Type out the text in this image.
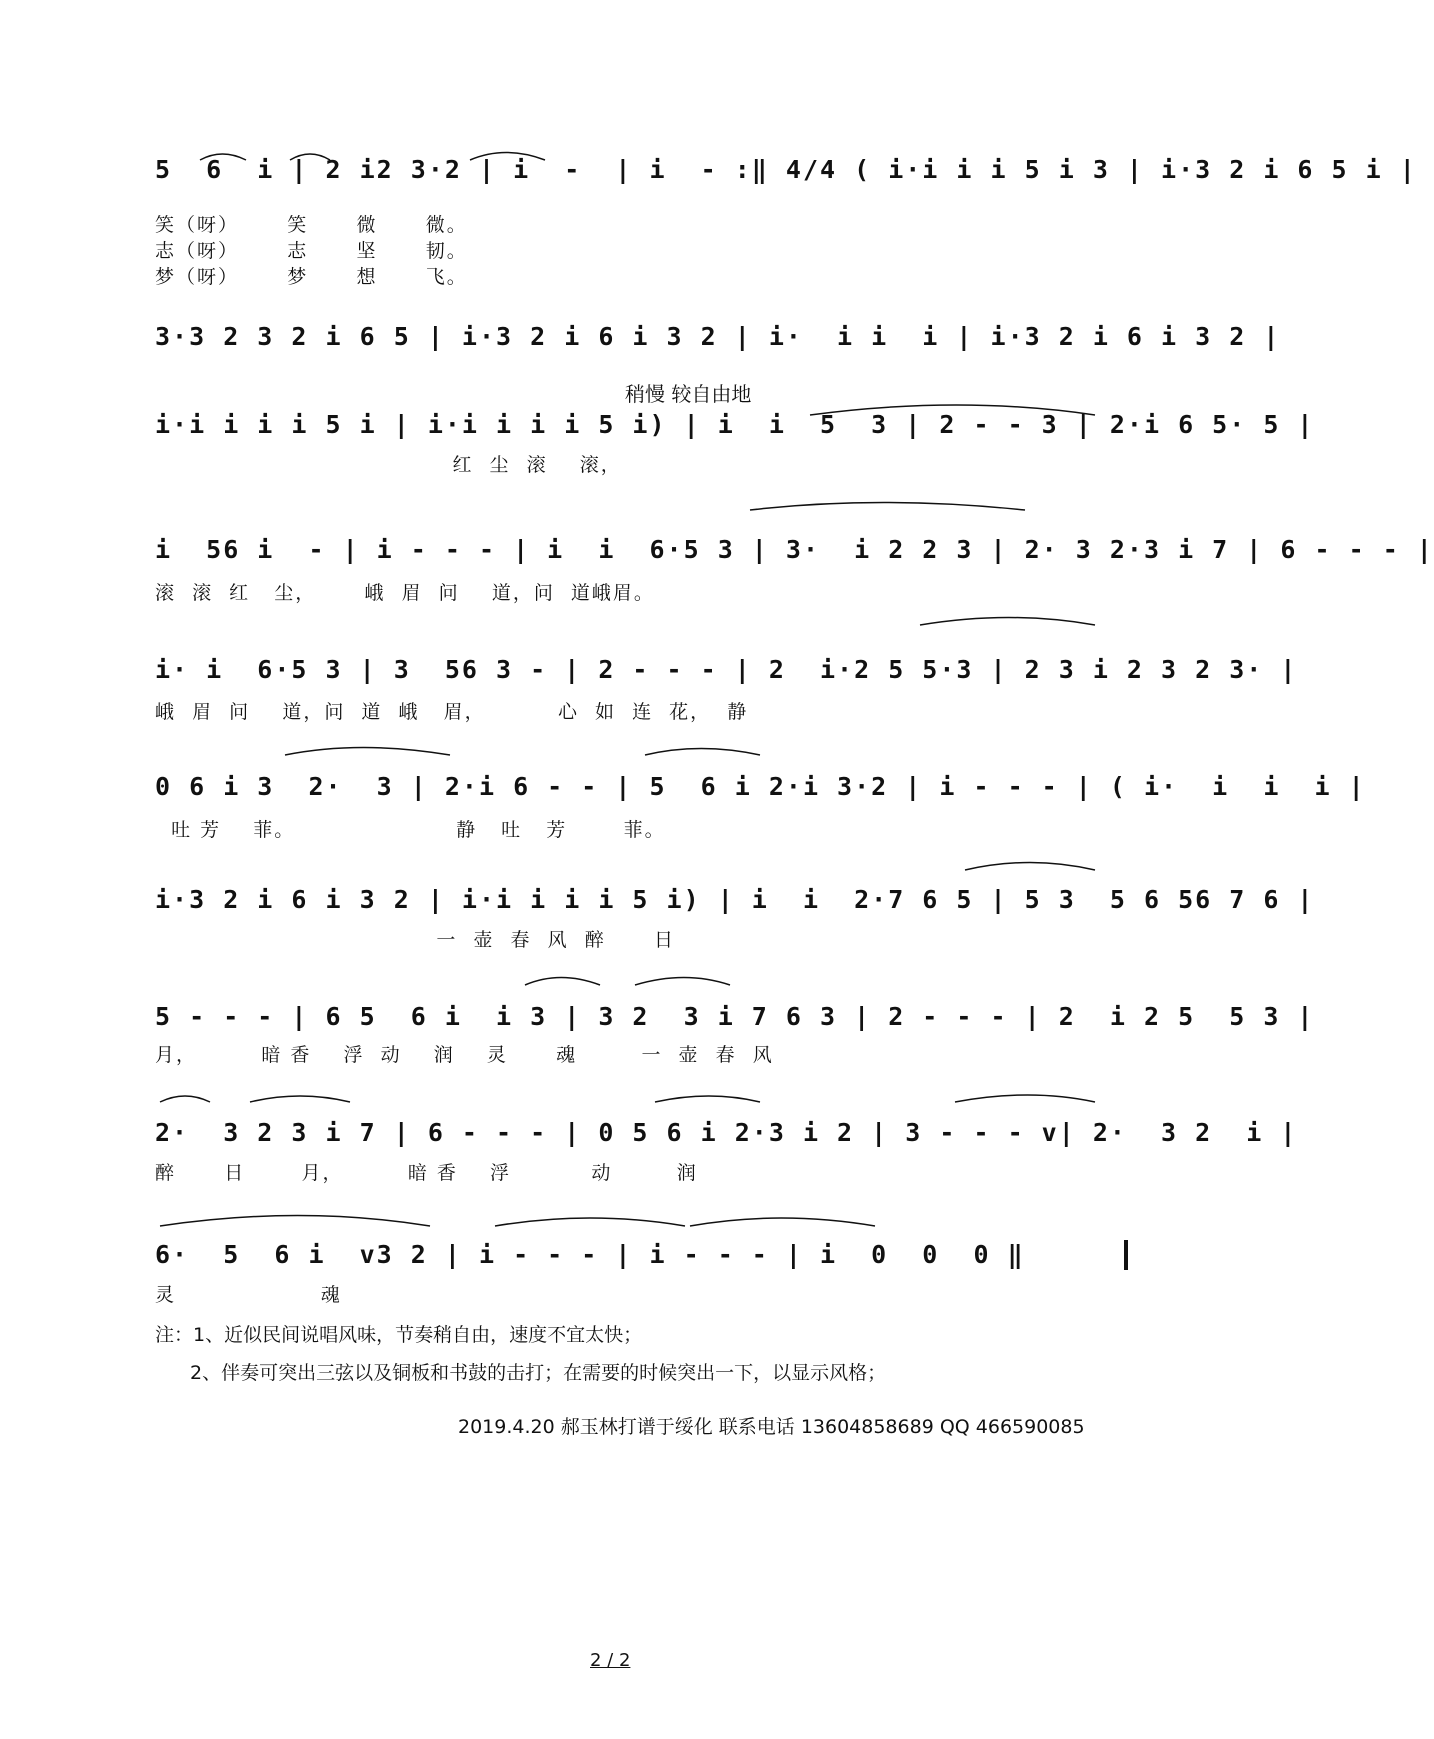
5  6  i | 2 i2 3·2 | i  -  | i  - :‖ 4/4 ( i·i i i 5 i 3 | i·3 2 i 6 5 i |
笑（呀）      笑      微      微。
志（呀）      志      坚      韧。
梦（呀）      梦      想      飞。
3·3 2 3 2 i 6 5 | i·3 2 i 6 i 3 2 | i·  i i  i | i·3 2 i 6 i 3 2 |
稍慢 较自由地
i·i i i i 5 i | i·i i i i 5 i) | i  i  5  3 | 2 - - 3 | 2·i 6 5· 5 |
红  尘  滚    滚，
i  56 i  - | i - - - | i  i  6·5 3 | 3·  i 2 2 3 | 2· 3 2·3 i 7 | 6 - - - |
滚  滚  红   尘，      峨  眉  问    道，问  道峨眉。
i· i  6·5 3 | 3  56 3 - | 2 - - - | 2  i·2 5 5·3 | 2 3 i 2 3 2 3· |
峨  眉  问    道，问  道  峨   眉，         心  如  连  花，  静
0 6 i 3  2·  3 | 2·i 6 - - | 5  6 i 2·i 3·2 | i - - - | ( i·  i  i  i |
吐 芳    菲。                    静   吐   芳       菲。
i·3 2 i 6 i 3 2 | i·i i i i 5 i) | i  i  2·7 6 5 | 5 3  5 6 56 7 6 |
一  壶  春  风  醉      日
5 - - - | 6 5  6 i  i 3 | 3 2  3 i 7 6 3 | 2 - - - | 2  i 2 5  5 3 |
月，        暗 香    浮  动    润    灵      魂        一  壶  春  风
2·  3 2 3 i 7 | 6 - - - | 0 5 6 i 2·3 i 2 | 3 - - - v| 2·  3 2  i |
醉      日       月，        暗 香    浮          动        润
6·  5  6 i  v3 2 | i - - - | i - - - | i  0  0  0 ‖
灵                  魂
注：1、近似民间说唱风味，节奏稍自由，速度不宜太快；
2、伴奏可突出三弦以及铜板和书鼓的击打；在需要的时候突出一下，以显示风格；
2019.4.20 郝玉林打谱于绥化 联系电话 13604858689 QQ 466590085
2 / 2
